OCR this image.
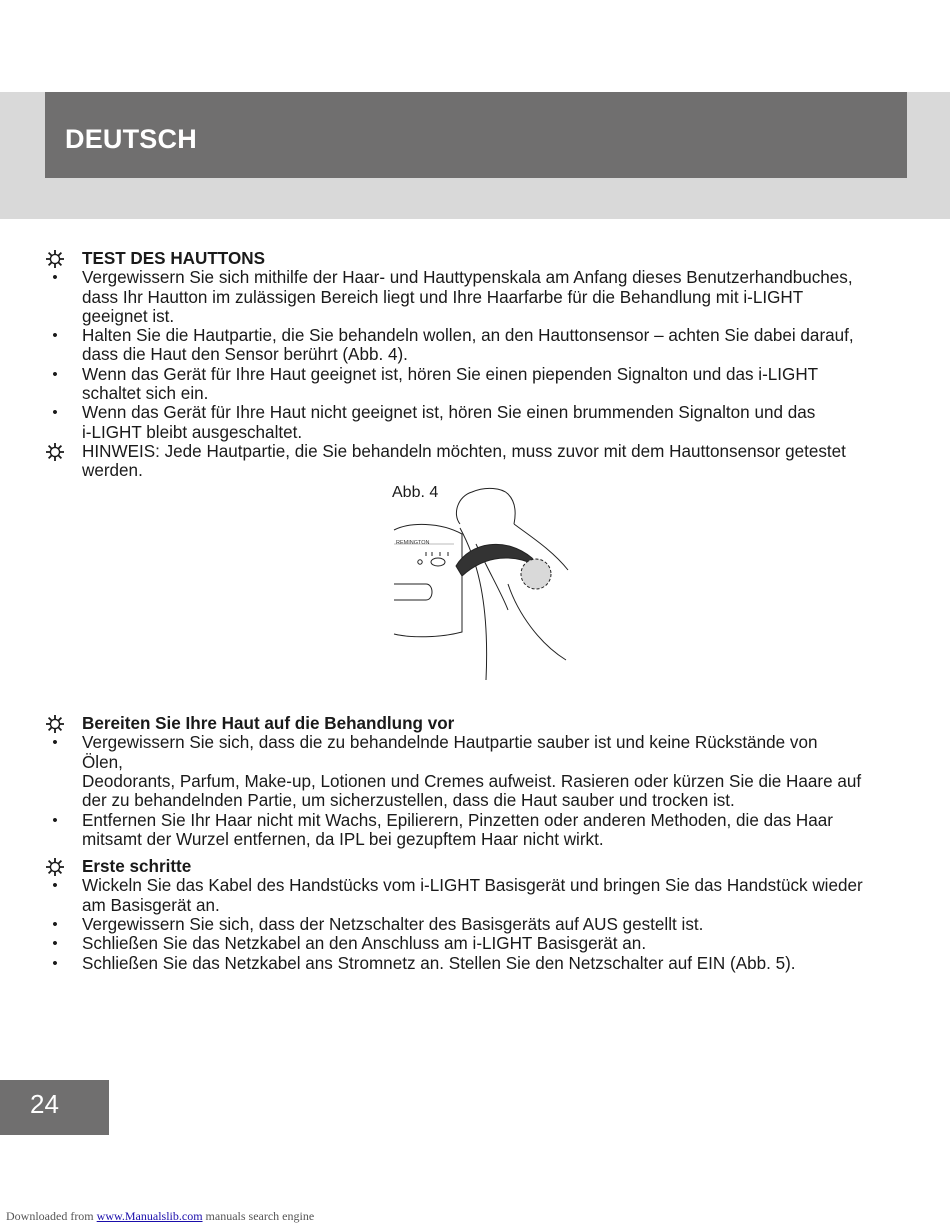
DEUTSCH
TEST DES HAUTTONS
•	Vergewissern Sie sich mithilfe der Haar- und Hauttypenskala am Anfang dieses Benutzerhandbuches,
dass Ihr Hautton im zulässigen Bereich liegt und Ihre Haarfarbe für die Behandlung mit i-LIGHT
geeignet ist.
•	Halten Sie die Hautpartie, die Sie behandeln wollen, an den Hauttonsensor – achten Sie dabei darauf,
dass die Haut den Sensor berührt (Abb. 4).
•	Wenn das Gerät für Ihre Haut geeignet ist, hören Sie einen piependen Signalton und das i-LIGHT
schaltet sich ein.
•	Wenn das Gerät für Ihre Haut nicht geeignet ist, hören Sie einen brummenden Signalton und das
i-LIGHT bleibt ausgeschaltet.
HINWEIS: Jede Hautpartie, die Sie behandeln möchten, muss zuvor mit dem Hauttonsensor getestet
werden.
Bereiten Sie Ihre Haut auf die Behandlung vor
•	Vergewissern Sie sich, dass die zu behandelnde Hautpartie sauber ist und keine Rückstände von
Ölen,
Deodorants, Parfum, Make-up, Lotionen und Cremes aufweist. Rasieren oder kürzen Sie die Haare auf
der zu behandelnden Partie, um sicherzustellen, dass die Haut sauber und trocken ist.
•	Entfernen Sie Ihr Haar nicht mit Wachs, Epilierern, Pinzetten oder anderen Methoden, die das Haar
mitsamt der Wurzel entfernen, da IPL bei gezupftem Haar nicht wirkt.
Erste schritte
•	Wickeln Sie das Kabel des Handstücks vom i-LIGHT Basisgerät und bringen Sie das Handstück wieder
am Basisgerät an.
•	Vergewissern Sie sich, dass der Netzschalter des Basisgeräts auf AUS gestellt ist.
•	Schließen Sie das Netzkabel an den Anschluss am i-LIGHT Basisgerät an.
•	Schließen Sie das Netzkabel ans Stromnetz an. Stellen Sie den Netzschalter auf EIN (Abb. 5).
Abb. 4
REMINGTON
24
Downloaded from www.Manualslib.com manuals search engine
